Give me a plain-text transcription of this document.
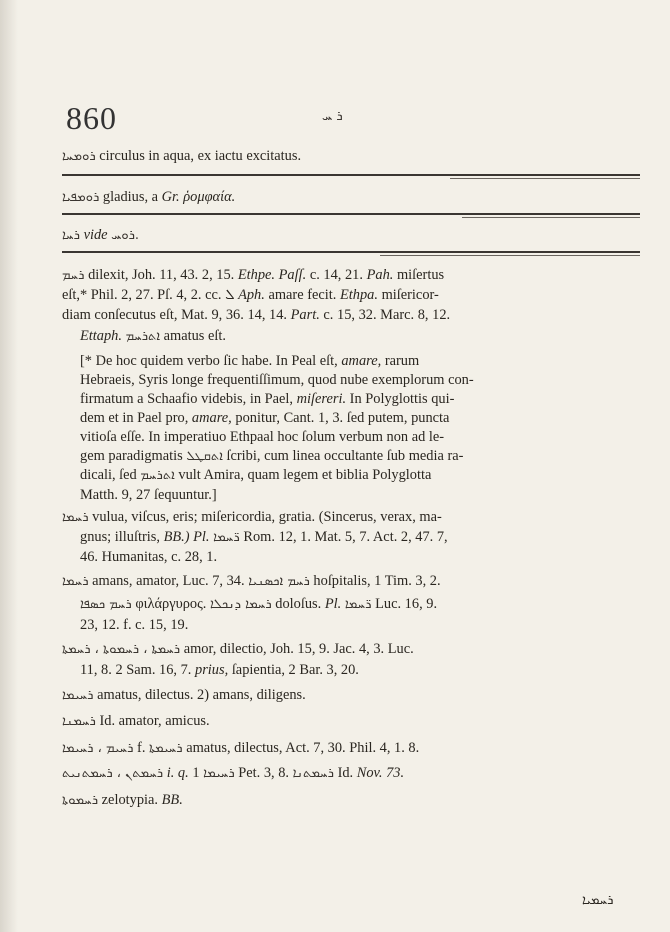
860	ܪ ܚ
ܪܘܡܚܐ circulus in aqua, ex iactu excitatus.
ܪܘܡܦܝܐ gladius, a Gr. ῥομφαία.
ܪܚܐ vide ܪܘܚ.
ܪܚܡ dilexit, Joh. 11, 43. 2, 15. Ethpe. Paſſ. c. 14, 21. Pah. miſertus
eſt,* Phil. 2, 27. Pſ. 4, 2. cc. ܠ Aph. amare fecit. Ethpa. miſericor-
diam conſecutus eſt, Mat. 9, 36. 14, 14. Part. c. 15, 32. Marc. 8, 12.
Ettaph. ܐܬܪܚܡ amatus eſt.
[* De hoc quidem verbo ſic habe. In Peal eſt, amare, rarum
Hebraeis, Syris longe frequentiſſimum, quod nube exemplorum con-
firmatum a Schaafio videbis, in Pael, miſereri. In Polyglottis qui-
dem et in Pael pro, amare, ponitur, Cant. 1, 3. ſed putem, puncta
vitioſa eſſe. In imperatiuo Ethpaal hoc ſolum verbum non ad le-
gem paradigmatis ܐܬܩܛܠ ſcribi, cum linea occultante ſub media ra-
dicali, ſed ܐܬܪܚܡ vult Amira, quam legem et biblia Polyglotta
Matth. 9, 27 ſequuntur.]
ܪܚܡܐ vulua, viſcus, eris; miſericordia, gratia. (Sincerus, verax, ma-
gnus; illuſtris, BB.) Pl. ܪ̈ܚܡܐ Rom. 12, 1. Mat. 5, 7. Act. 2, 47. 7,
46. Humanitas, c. 28, 1.
ܪܚܡܐ amans, amator, Luc. 7, 34. ܪܚܡ ܐܟܣܢܝܐ hoſpitalis, 1 Tim. 3, 2.
ܪܚܡ ܟܣܦܐ φιλάργυρος. ܪܚܡܐ ܕܢܟܠܐ doloſus. Pl. ܪ̈ܚܡܐ Luc. 16, 9.
23, 12. f. c. 15, 19.
ܪܚܡܬܐ ، ܪܚܡܘܬܐ ، ܪܚܡܬܐ amor, dilectio, Joh. 15, 9. Jac. 4, 3. Luc.
11, 8. 2 Sam. 16, 7. prius, ſapientia, 2 Bar. 3, 20.
ܪܚܝܡܐ amatus, dilectus. 2) amans, diligens.
ܪܚܡܢܐ Id. amator, amicus.
ܪܚܝܡ ، ܪܚܝܡܐ f. ܪܚܝܡܬܐ amatus, dilectus, Act. 7, 30. Phil. 4, 1. 8.
ܪܚܡܬܢ ، ܪܚܡܬܢܝܬ i. q. ܪܚܝܡܐ 1 Pet. 3, 8. ܪܚܡܬܢܐ Id. Nov. 73.
ܪܚܡܘܬܐ zelotypia. BB.
ܪܚܡܝܐ
